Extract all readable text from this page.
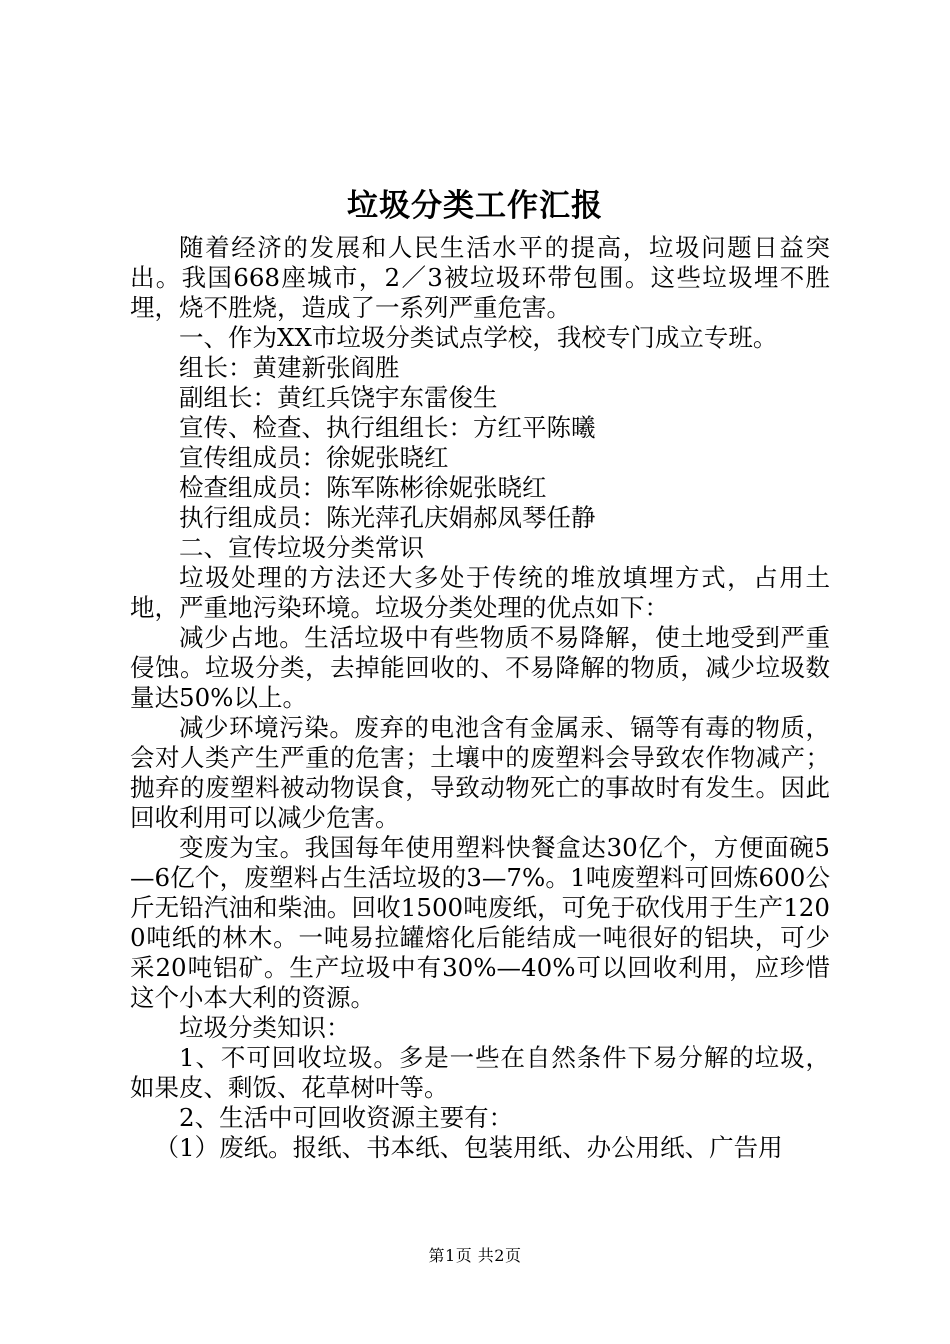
垃圾分类工作汇报

随着经济的发展和人民生活水平的提高，垃圾问题日益突出。我国668座城市，2／3被垃圾环带包围。这些垃圾埋不胜埋，烧不胜烧，造成了一系列严重危害。

一、作为XX市垃圾分类试点学校，我校专门成立专班。

组长：黄建新张阎胜

副组长：黄红兵饶宇东雷俊生

宣传、检查、执行组组长：方红平陈曦

宣传组成员：徐妮张晓红

检查组成员：陈军陈彬徐妮张晓红

执行组成员：陈光萍孔庆娟郝凤琴任静

二、宣传垃圾分类常识

垃圾处理的方法还大多处于传统的堆放填埋方式，占用土地，严重地污染环境。垃圾分类处理的优点如下：

减少占地。生活垃圾中有些物质不易降解，使土地受到严重侵蚀。垃圾分类，去掉能回收的、不易降解的物质，减少垃圾数量达50%以上。

减少环境污染。废弃的电池含有金属汞、镉等有毒的物质，会对人类产生严重的危害；土壤中的废塑料会导致农作物减产；抛弃的废塑料被动物误食，导致动物死亡的事故时有发生。因此回收利用可以减少危害。

变废为宝。我国每年使用塑料快餐盒达30亿个，方便面碗5—6亿个，废塑料占生活垃圾的3—7%。1吨废塑料可回炼600公斤无铅汽油和柴油。回收1500吨废纸，可免于砍伐用于生产1200吨纸的林木。一吨易拉罐熔化后能结成一吨很好的铝块，可少采20吨铝矿。生产垃圾中有30%—40%可以回收利用，应珍惜这个小本大利的资源。

垃圾分类知识：

1、不可回收垃圾。多是一些在自然条件下易分解的垃圾，如果皮、剩饭、花草树叶等。

2、生活中可回收资源主要有：

（1）废纸。报纸、书本纸、包装用纸、办公用纸、广告用

第1页 共2页
